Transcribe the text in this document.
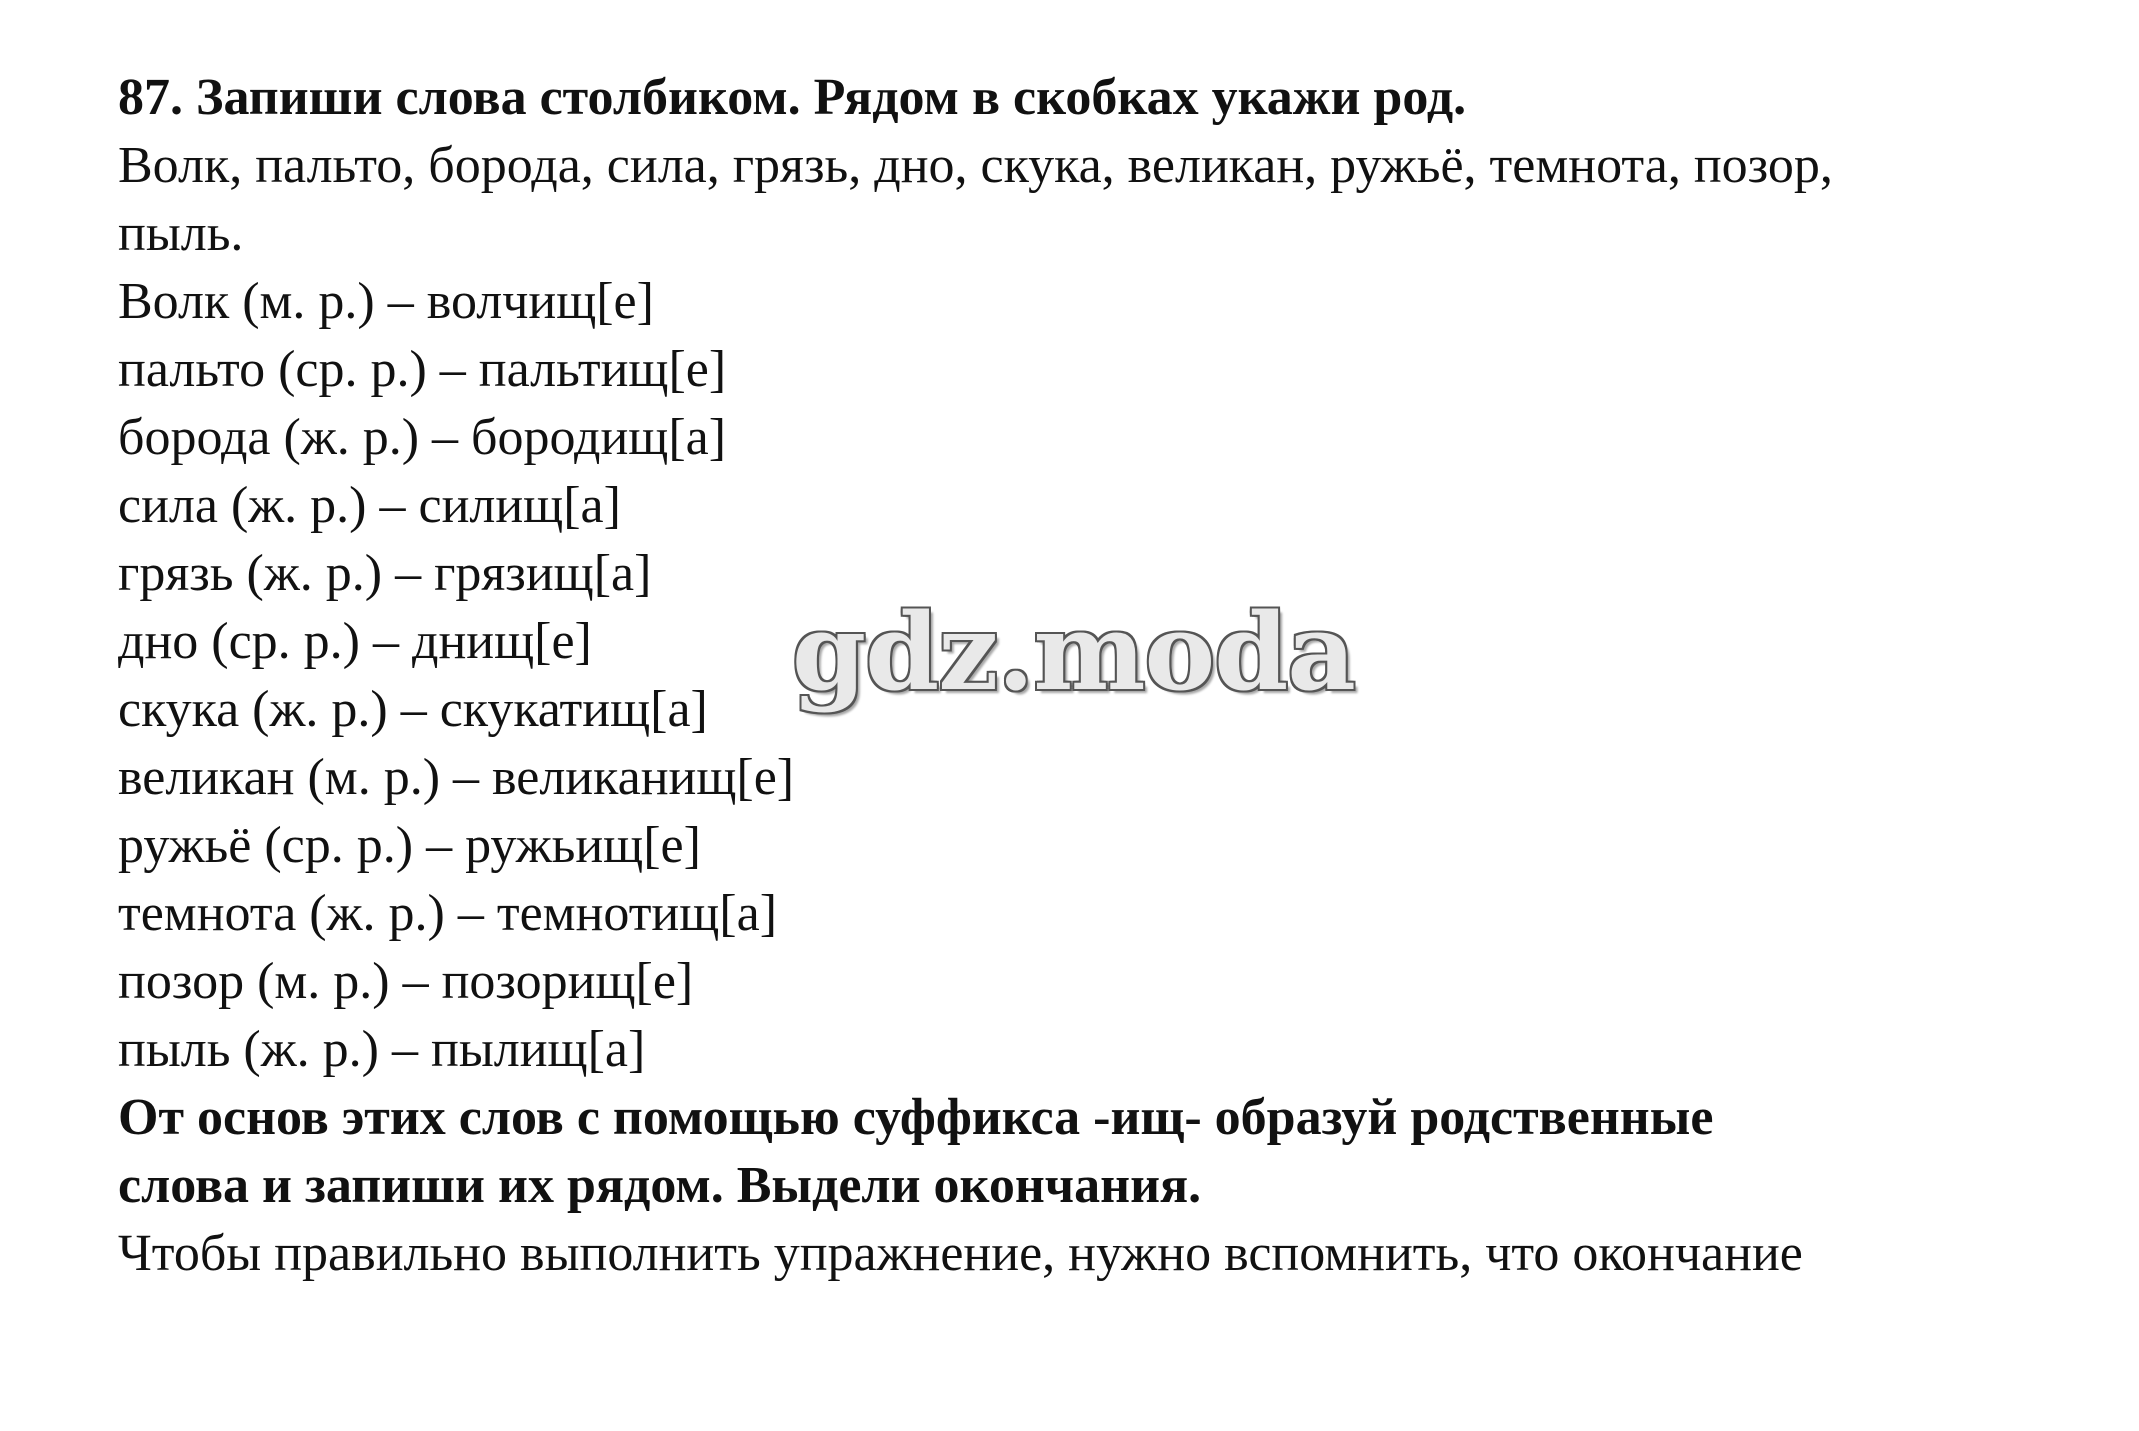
87. Запиши слова столбиком. Рядом в скобках укажи род.
Волк, пальто, борода, сила, грязь, дно, скука, великан, ружьё, темнота, позор,
пыль.
Волк (м. р.) – волчищ[е]
пальто (ср. р.) – пальтищ[е]
борода (ж. р.) – бородищ[а]
сила (ж. р.) – силищ[а]
грязь (ж. р.) – грязищ[а]
дно (ср. р.) – днищ[е]
скука (ж. р.) – скукатищ[а]
великан (м. р.) – великанищ[е]
ружьё (ср. р.) – ружьищ[е]
темнота (ж. р.) – темнотищ[а]
позор (м. р.) – позорищ[е]
пыль (ж. р.) – пылищ[а]
От основ этих слов с помощью суффикса -ищ- образуй родственные
слова и запиши их рядом. Выдели окончания.
Чтобы правильно выполнить упражнение, нужно вспомнить, что окончание
gdz.moda
